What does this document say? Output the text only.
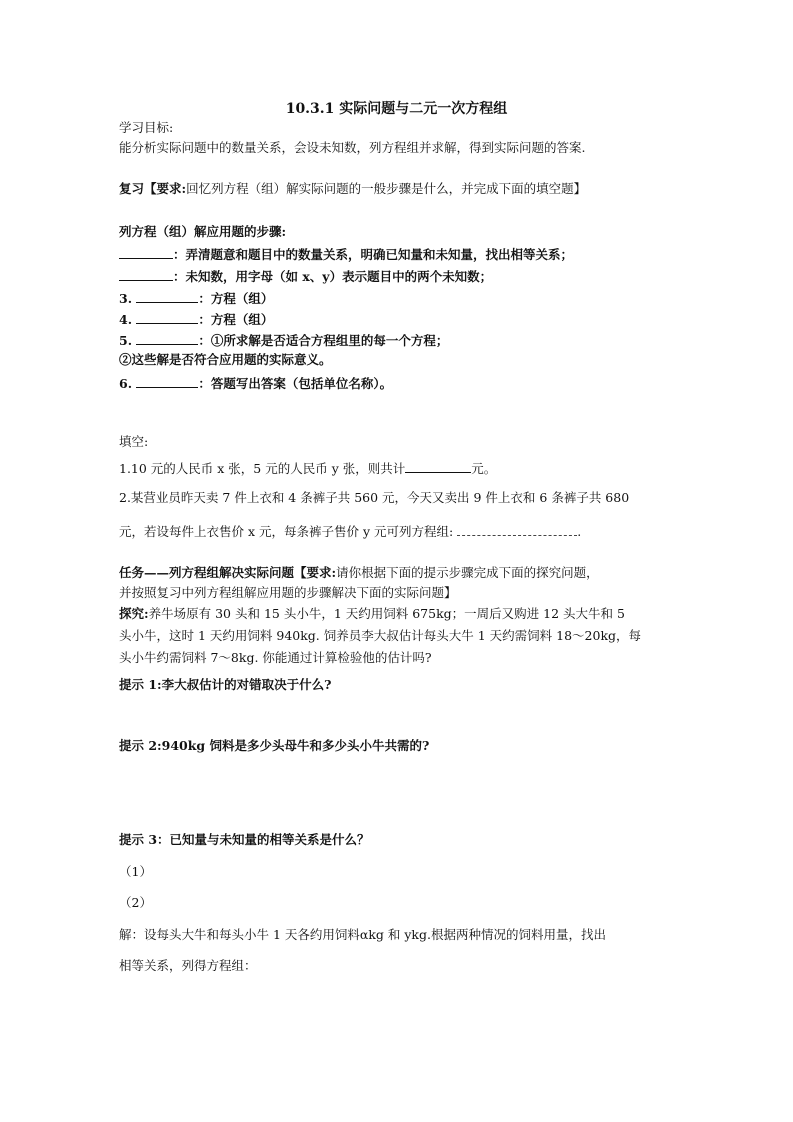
10.3.1 实际问题与二元一次方程组
学习目标:
能分析实际问题中的数量关系，会设未知数，列方程组并求解，得到实际问题的答案.
复习【要求:回忆列方程（组）解实际问题的一般步骤是什么，并完成下面的填空题】
列方程（组）解应用题的步骤:
：弄清题意和题目中的数量关系，明确已知量和未知量，找出相等关系；
：未知数，用字母（如 x、y）表示题目中的两个未知数；
3.	：方程（组）
4.	：方程（组）
5.	：①所求解是否适合方程组里的每一个方程；
②这些解是否符合应用题的实际意义。
6.	：答题写出答案（包括单位名称）。
填空:
1.10 元的人民币 x 张，5 元的人民币 y 张，则共计	元。
2.某营业员昨天卖 7 件上衣和 4 条裤子共 560 元，今天又卖出 9 件上衣和 6 条裤子共 680
元，若设每件上衣售价 x 元，每条裤子售价 y 元可列方程组:	.
任务——列方程组解决实际问题【要求:请你根据下面的提示步骤完成下面的探究问题，
并按照复习中列方程组解应用题的步骤解决下面的实际问题】
探究:养牛场原有 30 头和 15 头小牛，1 天约用饲料 675kg；一周后又购进 12 头大牛和 5
头小牛，这时 1 天约用饲料 940kg. 饲养员李大叔估计每头大牛 1 天约需饲料 18～20kg，每
头小牛约需饲料 7～8kg. 你能通过计算检验他的估计吗?
提示 1:李大叔估计的对错取决于什么?
提示 2:940kg 饲料是多少头母牛和多少头小牛共需的?
提示 3：已知量与未知量的相等关系是什么？
（1）
（2）
解：设每头大牛和每头小牛 1 天各约用饲料αkg 和 ykg.根据两种情况的饲料用量，找出
相等关系，列得方程组：
